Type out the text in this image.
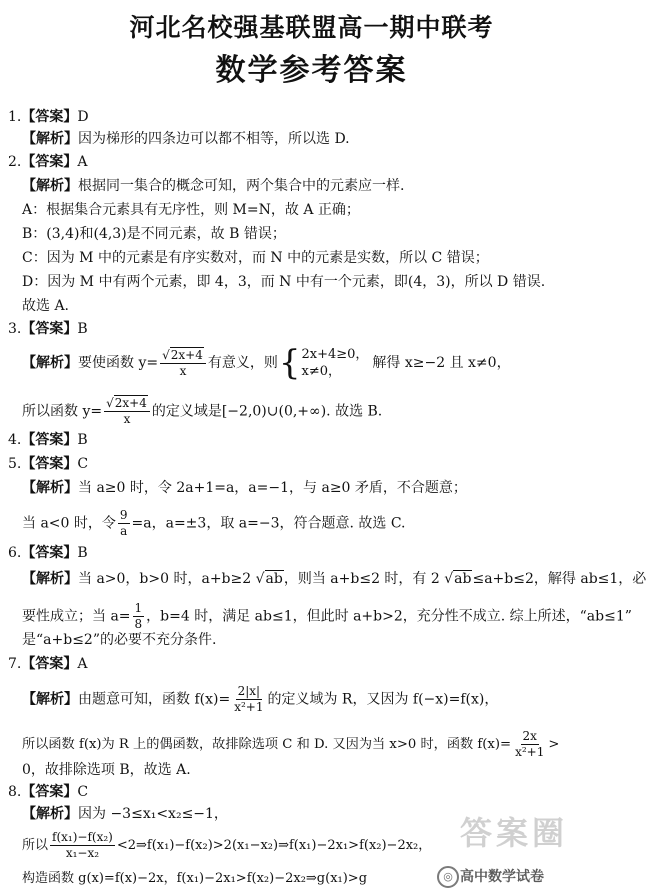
河北名校强基联盟高一期中联考
数学参考答案
1.【答案】D
【解析】因为梯形的四条边可以都不相等，所以选 D.
2.【答案】A
【解析】根据同一集合的概念可知，两个集合中的元素应一样.
A：根据集合元素具有无序性，则 M=N，故 A 正确；
B：(3,4)和(4,3)是不同元素，故 B 错误；
C：因为 M 中的元素是有序实数对，而 N 中的元素是实数，所以 C 错误；
D：因为 M 中有两个元素，即 4，3，而 N 中有一个元素，即(4，3)，所以 D 错误.
故选 A.
3.【答案】B
【解析】要使函数 $y= \frac{√2x+4}{x}$ 有意义，则{ 2x+4≥0，
x≠0，
解得 x≥−2 且 x≠0，
所以函数 $y= \frac{√2x+4}{x}$ 的定义域是[−2,0)∪(0,+∞). 故选 B.
4.【答案】B
5.【答案】C
【解析】当 a≥0 时，令 2a+1=a，a=−1，与 a≥0 矛盾，不合题意；
当 a<0 时，令 $\frac{9}{a} =a$，a=±3，取 a=−3，符合题意. 故选 C.
6.【答案】B
【解析】当 a>0，b>0 时，a+b≥2 √ab，则当 a+b≤2 时，有 2 √ab≤a+b≤2，解得 ab≤1，必
要性成立；当 $a= \frac{1}{8}$ ，b=4 时，满足 ab≤1，但此时 a+b>2，充分性不成立. 综上所述，“ab≤1”
是“a+b≤2”的必要不充分条件.
7.【答案】A
【解析】由题意可知，函数 $f(x)= \frac{2|x|}{\text{x²+1}}$ 的定义域为 R，又因为 f(−x)=f(x)，
所以函数 f(x)为 R 上的偶函数，故排除选项 C 和 D. 又因为当 x>0 时，函数 $f(x)= \frac{2x}{\text{x²+1}}$ >
0，故排除选项 B，故选 A.
8.【答案】C
【解析】因为 −3≤x₁<x₂≤−1，
所以 $\frac{\text{f(x₁)−f(x₂)}}{\text{x₁−x₂}}$ <2⇒f(x₁)−f(x₂)>2(x₁−x₂)⇒f(x₁)−2x₁>f(x₂)−2x₂，
构造函数 g(x)=f(x)−2x，f(x₁)−2x₁>f(x₂)−2x₂⇒g(x₁)>g
答案圈
◎ 高中数学试卷
